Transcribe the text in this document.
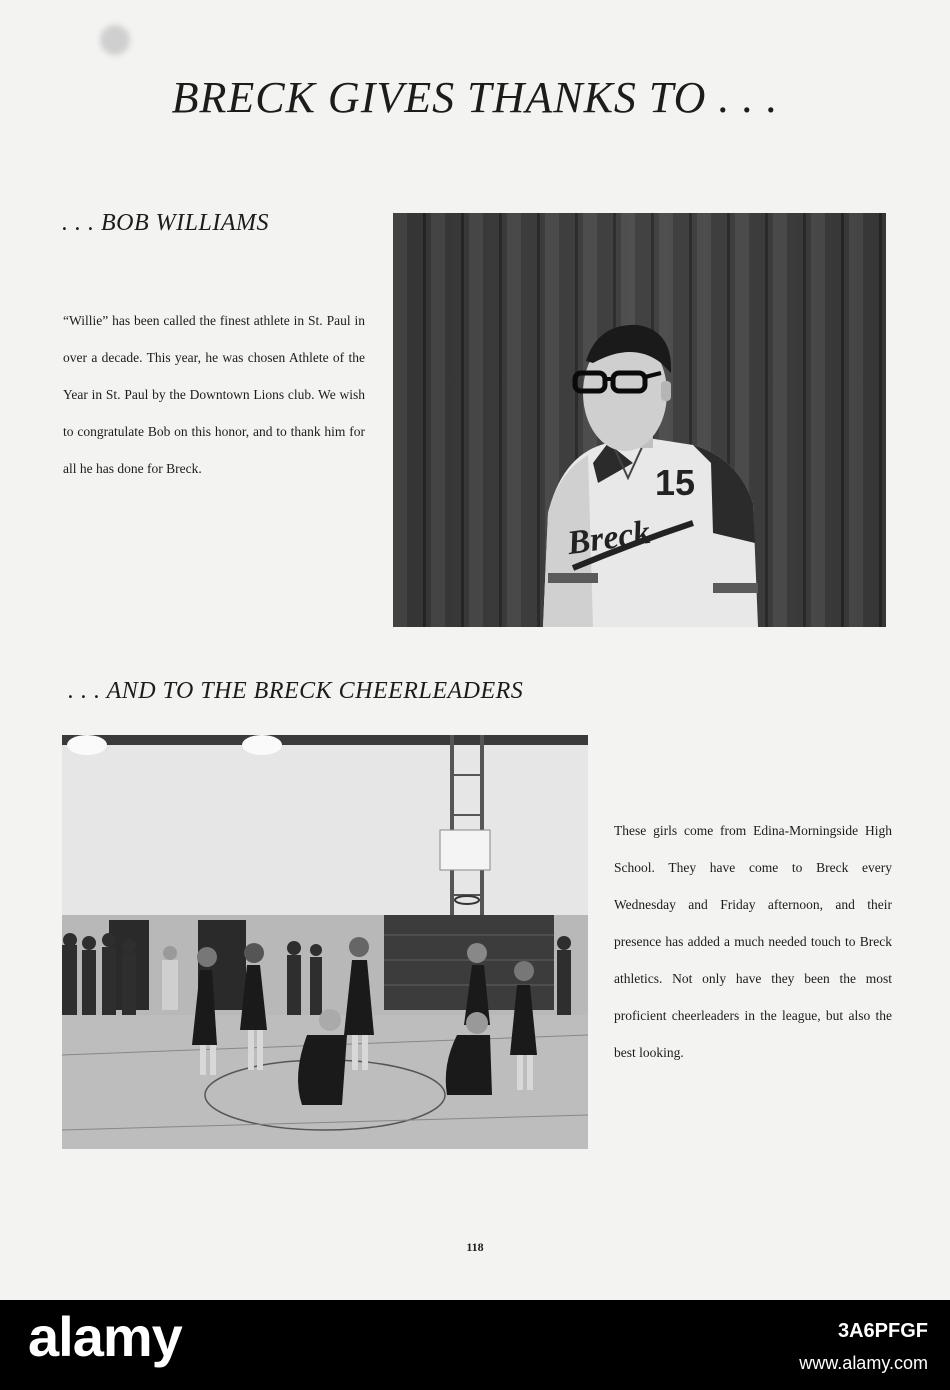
BRECK GIVES THANKS TO . . .
. . . BOB WILLIAMS

“Willie” has been called the finest athlete in St. Paul in over a decade. This year, he was chosen Athlete of the Year in St. Paul by the Downtown Lions club. We wish to congratulate Bob on this honor, and to thank him for all he has done for Breck.

Breck
15
. . . AND TO THE BRECK CHEERLEADERS

These girls come from Edina-Morningside High School. They have come to Breck every Wednesday and Friday afternoon, and their presence has added a much needed touch to Breck athletics. Not only have they been the most proficient cheerleaders in the league, but also the best looking.

118
alamy	3A6PFGF
www.alamy.com
